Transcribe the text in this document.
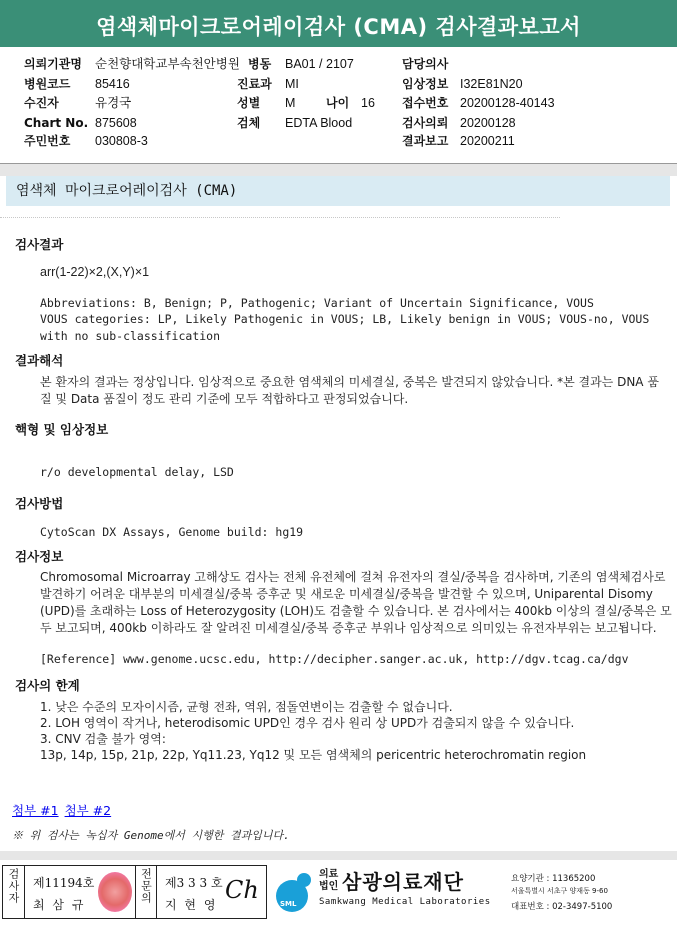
염색체마이크로어레이검사 (CMA) 검사결과보고서
의뢰기관명 순천향대학교부속천안병원 병동 BA01 / 2107	담당의사
병원코드 85416	진료과 MI	임상정보 I32E81N20
수진자	유경국	성별 M	나이 16 접수번호 20200128-40143
Chart No. 875608	검체 EDTA Blood	검사의뢰 20200128
주민번호 030808-3	결과보고 20200211
염색체 마이크로어레이검사 (CMA)
검사결과
arr(1-22)×2,(X,Y)×1
Abbreviations: B, Benign; P, Pathogenic; Variant of Uncertain Significance, VOUS
VOUS categories: LP, Likely Pathogenic in VOUS; LB, Likely benign in VOUS; VOUS-no, VOUS with no sub-classification
결과해석
본 환자의 결과는 정상입니다. 임상적으로 중요한 염색체의 미세결실, 중복은 발견되지 않았습니다. *본 결과는 DNA 품질 및 Data 품질이 정도 관리 기준에 모두 적합하다고 판정되었습니다.
핵형 및 임상정보
r/o developmental delay, LSD
검사방법
CytoScan DX Assays, Genome build: hg19
검사정보
Chromosomal Microarray 고해상도 검사는 전체 유전체에 걸쳐 유전자의 결실/중복을 검사하며, 기존의 염색체검사로 발견하기 어려운 대부분의 미세결실/중복 증후군 및 새로운 미세결실/중복을 발견할 수 있으며, Uniparental Disomy (UPD)를 초래하는 Loss of Heterozygosity (LOH)도 검출할 수 있습니다. 본 검사에서는 400kb 이상의 결실/중복은 모두 보고되며, 400kb 이하라도 잘 알려진 미세결실/중복 증후군 부위나 임상적으로 의미있는 유전자부위는 보고됩니다.
[Reference] www.genome.ucsc.edu, http://decipher.sanger.ac.uk, http://dgv.tcag.ca/dgv
검사의 한계
1. 낮은 수준의 모자이시즘, 균형 전좌, 역위, 점돌연변이는 검출할 수 없습니다.
2. LOH 영역이 작거나, heterodisomic UPD인 경우 검사 원리 상 UPD가 검출되지 않을 수 있습니다.
3. CNV 검출 불가 영역:
13p, 14p, 15p, 21p, 22p, Yq11.23, Yq12 및 모든 염색체의 pericentric heterochromatin region
첨부 #1 첨부 #2
※ 위 검사는 녹십자 Genome에서 시행한 결과입니다.
검사자	제11194호
최 삼 규
전문의	제3 3 3 호
지 현 영
Ch	SML
의료
법인 삼광의료재단
Samkwang Medical Laboratories
요양기관 : 11365200
서울특별시 서초구 양재동 9-60
대표번호 : 02-3497-5100
